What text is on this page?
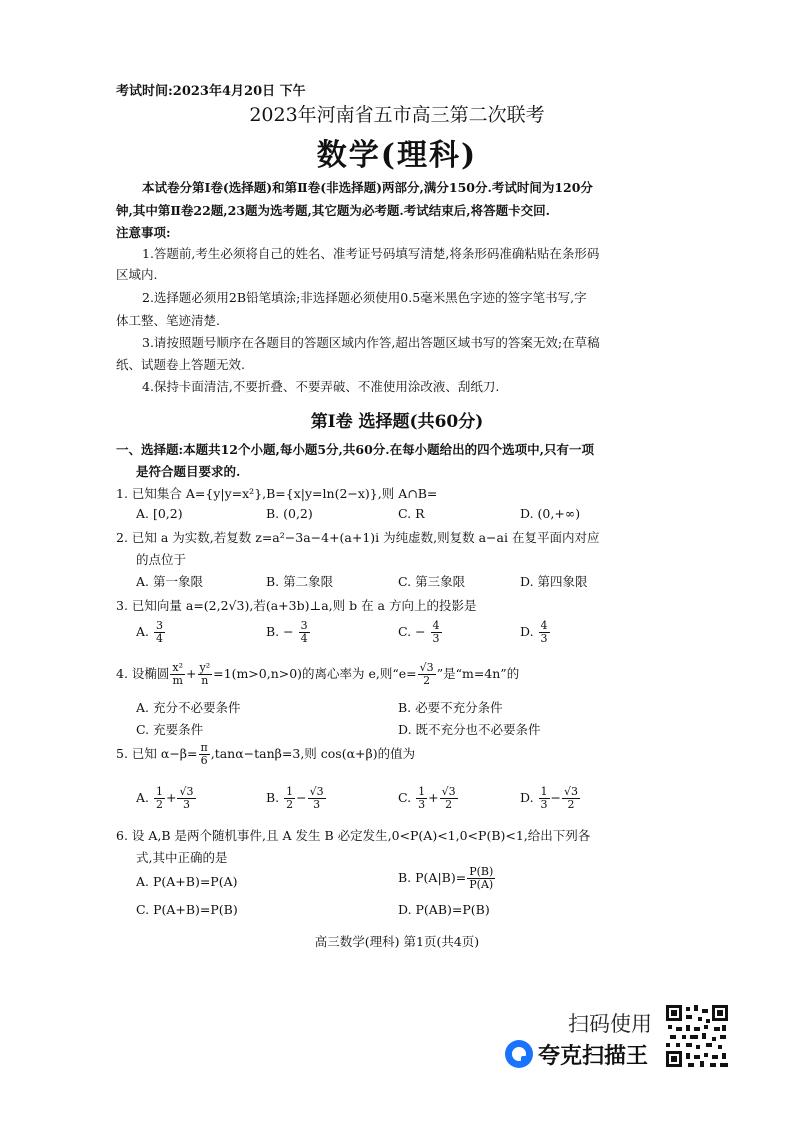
考试时间:2023年4月20日 下午
2023年河南省五市高三第二次联考
数学(理科)
本试卷分第Ⅰ卷(选择题)和第Ⅱ卷(非选择题)两部分,满分150分.考试时间为120分
钟,其中第Ⅱ卷22题,23题为选考题,其它题为必考题.考试结束后,将答题卡交回.
注意事项:
1.答题前,考生必须将自己的姓名、准考证号码填写清楚,将条形码准确粘贴在条形码
区域内.
2.选择题必须用2B铅笔填涂;非选择题必须使用0.5毫米黑色字迹的签字笔书写,字
体工整、笔迹清楚.
3.请按照题号顺序在各题目的答题区域内作答,超出答题区域书写的答案无效;在草稿
纸、试题卷上答题无效.
4.保持卡面清洁,不要折叠、不要弄破、不准使用涂改液、刮纸刀.
第Ⅰ卷 选择题(共60分)
一、选择题:本题共12个小题,每小题5分,共60分.在每小题给出的四个选项中,只有一项
是符合题目要求的.
1. 已知集合 A={y|y=x²},B={x|y=ln(2−x)},则 A∩B=
A. [0,2)	B. (0,2)	C. R	D. (0,+∞)
2. 已知 a 为实数,若复数 z=a²−3a−4+(a+1)i 为纯虚数,则复数 a−ai 在复平面内对应
的点位于
A. 第一象限	B. 第二象限	C. 第三象限	D. 第四象限
3. 已知向量 a=(2,2√3),若(a+3b)⊥a,则 b 在 a 方向上的投影是
A. $\frac{3}{4}$	B. − $\frac{3}{4}$	C. − $\frac{4}{3}$	D. $\frac{4}{3}$
4. 设椭圆 $\frac{\text{x²}}{m} + \frac{\text{y²}}{n} =1(m>0,n>0)$的离心率为 e,则“$e= \frac{√3}{2}$ ”是“m=4n”的
A. 充分不必要条件	B. 必要不充分条件
C. 充要条件	D. 既不充分也不必要条件
5. 已知 $\alpha-\beta= \frac{\pi}{6} ,\tan\alpha-\tan\beta=3$,则 cos(α+β)的值为
A. $\frac{1}{2} + \frac{√3}{3}$	B. $\frac{1}{2} - \frac{√3}{3}$	C. $\frac{1}{3} + \frac{√3}{2}$	D. $\frac{1}{3} - \frac{√3}{2}$
6. 设 A,B 是两个随机事件,且 A 发生 B 必定发生,0<P(A)<1,0<P(B)<1,给出下列各
式,其中正确的是
A. P(A+B)=P(A)	B. $P(A|B)= \frac{P(B)}{P(A)}$
C. P(A+B)=P(B)	D. P(AB)=P(B)
高三数学(理科) 第1页(共4页)
扫码使用
夸克扫描王
